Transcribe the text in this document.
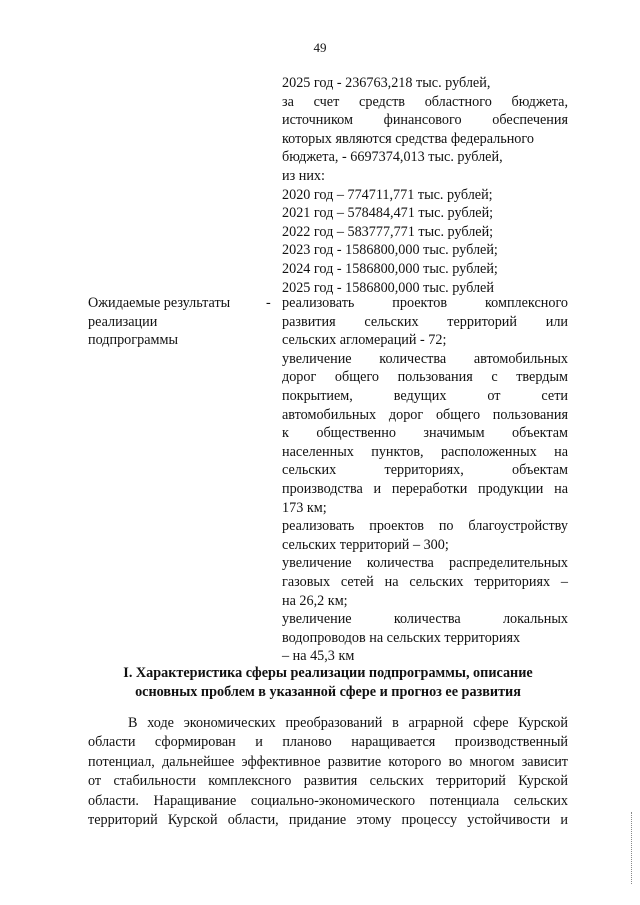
49
2025 год - 236763,218 тыс. рублей,
за счет средств областного бюджета,
источником финансового обеспечения
которых являются средства федерального
бюджета, - 6697374,013 тыс. рублей,
из них:
2020 год – 774711,771 тыс. рублей;
2021 год – 578484,471 тыс. рублей;
2022 год – 583777,771 тыс. рублей;
2023 год - 1586800,000 тыс. рублей;
2024 год - 1586800,000 тыс. рублей;
2025 год - 1586800,000 тыс. рублей
Ожидаемые результаты
реализации
подпрограммы
- реализовать проектов комплексного
развития сельских территорий или
сельских агломераций - 72;
увеличение количества автомобильных
дорог общего пользования с твердым
покрытием, ведущих от сети
автомобильных дорог общего пользования
к общественно значимым объектам
населенных пунктов, расположенных на
сельских территориях, объектам
производства и переработки продукции на
173 км;
реализовать проектов по благоустройству
сельских территорий – 300;
увеличение количества распределительных
газовых сетей на сельских территориях –
на 26,2 км;
увеличение количества локальных
водопроводов на сельских территориях
– на 45,3 км
I. Характеристика сферы реализации подпрограммы, описание
основных проблем в указанной сфере и прогноз ее развития
В ходе экономических преобразований в аграрной сфере Курской
области сформирован и планово наращивается производственный
потенциал, дальнейшее эффективное развитие которого во многом зависит
от стабильности комплексного развития сельских территорий Курской
области. Наращивание социально-экономического потенциала сельских
территорий Курской области, придание этому процессу устойчивости и
